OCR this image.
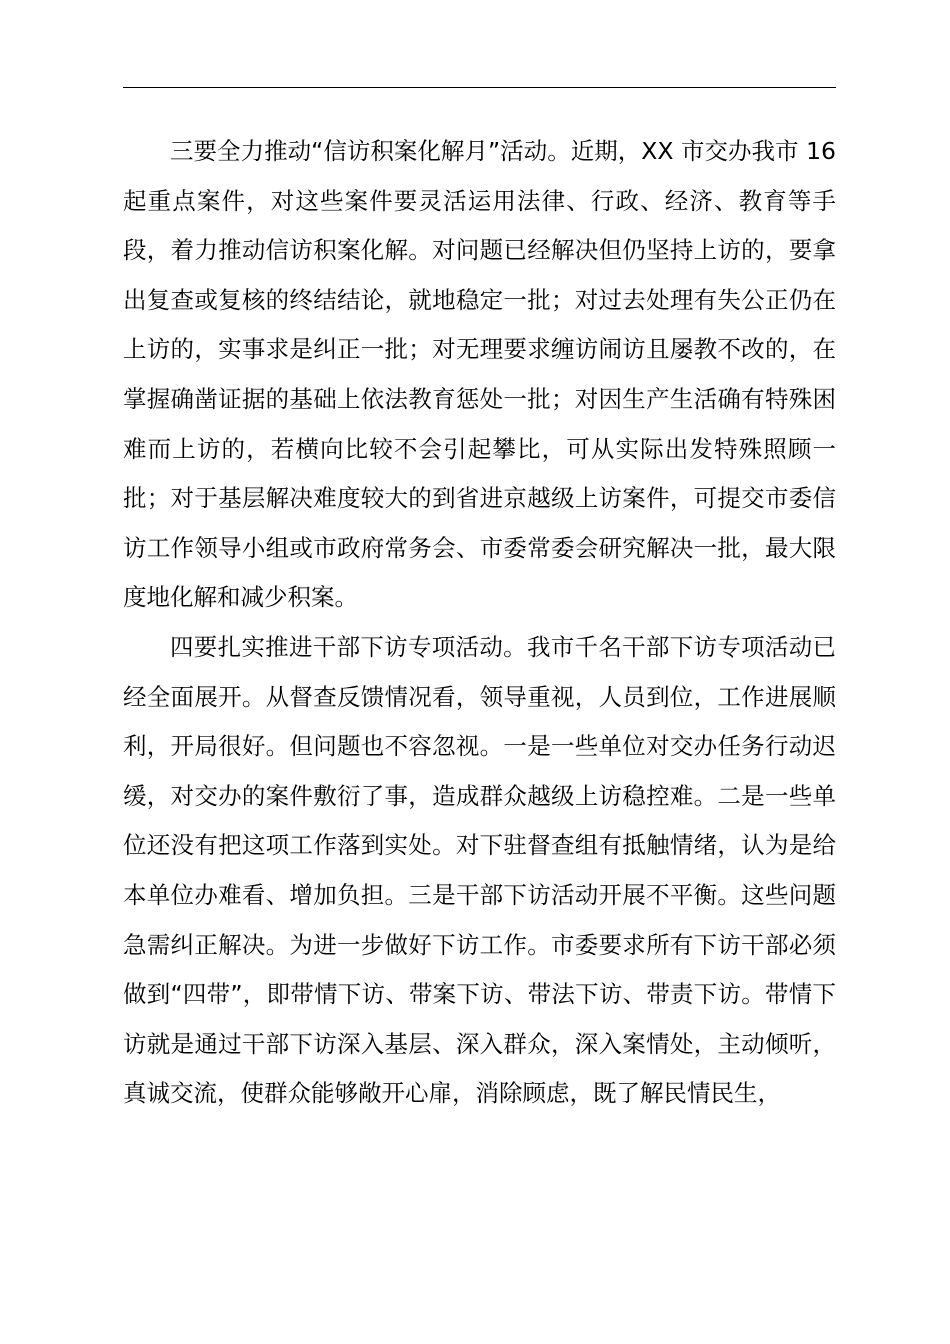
三要全力推动“信访积案化解月”活动。近期，XX 市交办我市 16 起重点案件，对这些案件要灵活运用法律、行政、经济、教育等手段，着力推动信访积案化解。对问题已经解决但仍坚持上访的，要拿出复查或复核的终结结论，就地稳定一批；对过去处理有失公正仍在上访的，实事求是纠正一批；对无理要求缠访闹访且屡教不改的，在掌握确凿证据的基础上依法教育惩处一批；对因生产生活确有特殊困难而上访的，若横向比较不会引起攀比，可从实际出发特殊照顾一批；对于基层解决难度较大的到省进京越级上访案件，可提交市委信访工作领导小组或市政府常务会、市委常委会研究解决一批，最大限度地化解和减少积案。

四要扎实推进干部下访专项活动。我市千名干部下访专项活动已经全面展开。从督查反馈情况看，领导重视，人员到位，工作进展顺利，开局很好。但问题也不容忽视。一是一些单位对交办任务行动迟缓，对交办的案件敷衍了事，造成群众越级上访稳控难。二是一些单位还没有把这项工作落到实处。对下驻督查组有抵触情绪，认为是给本单位办难看、增加负担。三是干部下访活动开展不平衡。这些问题急需纠正解决。为进一步做好下访工作。市委要求所有下访干部必须做到“四带”，即带情下访、带案下访、带法下访、带责下访。带情下访就是通过干部下访深入基层、深入群众，深入案情处，主动倾听，真诚交流，使群众能够敞开心扉，消除顾虑，既了解民情民生，
